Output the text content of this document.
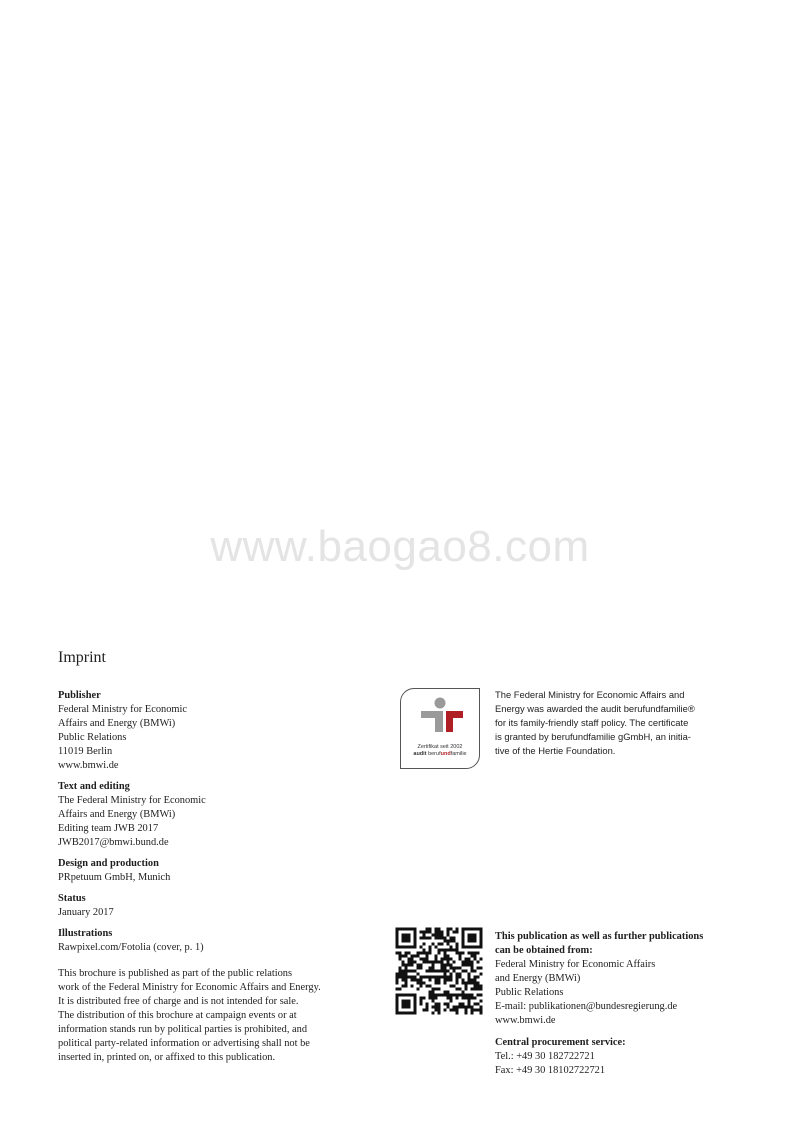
www.baogao8.com
Imprint
Publisher
Federal Ministry for Economic
Affairs and Energy (BMWi)
Public Relations
11019 Berlin
www.bmwi.de
Text and editing
The Federal Ministry for Economic
Affairs and Energy (BMWi)
Editing team JWB 2017
JWB2017@bmwi.bund.de
Design and production
PRpetuum GmbH, Munich
Status
January 2017
Illustrations
Rawpixel.com/Fotolia (cover, p. 1)
This brochure is published as part of the public relations
work of the Federal Ministry for Economic Affairs and Energy.
It is distributed free of charge and is not intended for sale.
The distribution of this brochure at campaign events or at
information stands run by political parties is prohibited, and
political party-related information or advertising shall not be
inserted in, printed on, or affixed to this publication.
Zertifikat seit 2002
audit berufundfamilie
The Federal Ministry for Economic Affairs and
Energy was awarded the audit berufundfamilie®
for its family-friendly staff policy. The certificate
is granted by berufundfamilie gGmbH, an initia-
tive of the Hertie Foundation.
This publication as well as further publications
can be obtained from:
Federal Ministry for Economic Affairs
and Energy (BMWi)
Public Relations
E-mail: publikationen@bundesregierung.de
www.bmwi.de
Central procurement service:
Tel.: +49 30 182722721
Fax: +49 30 18102722721
